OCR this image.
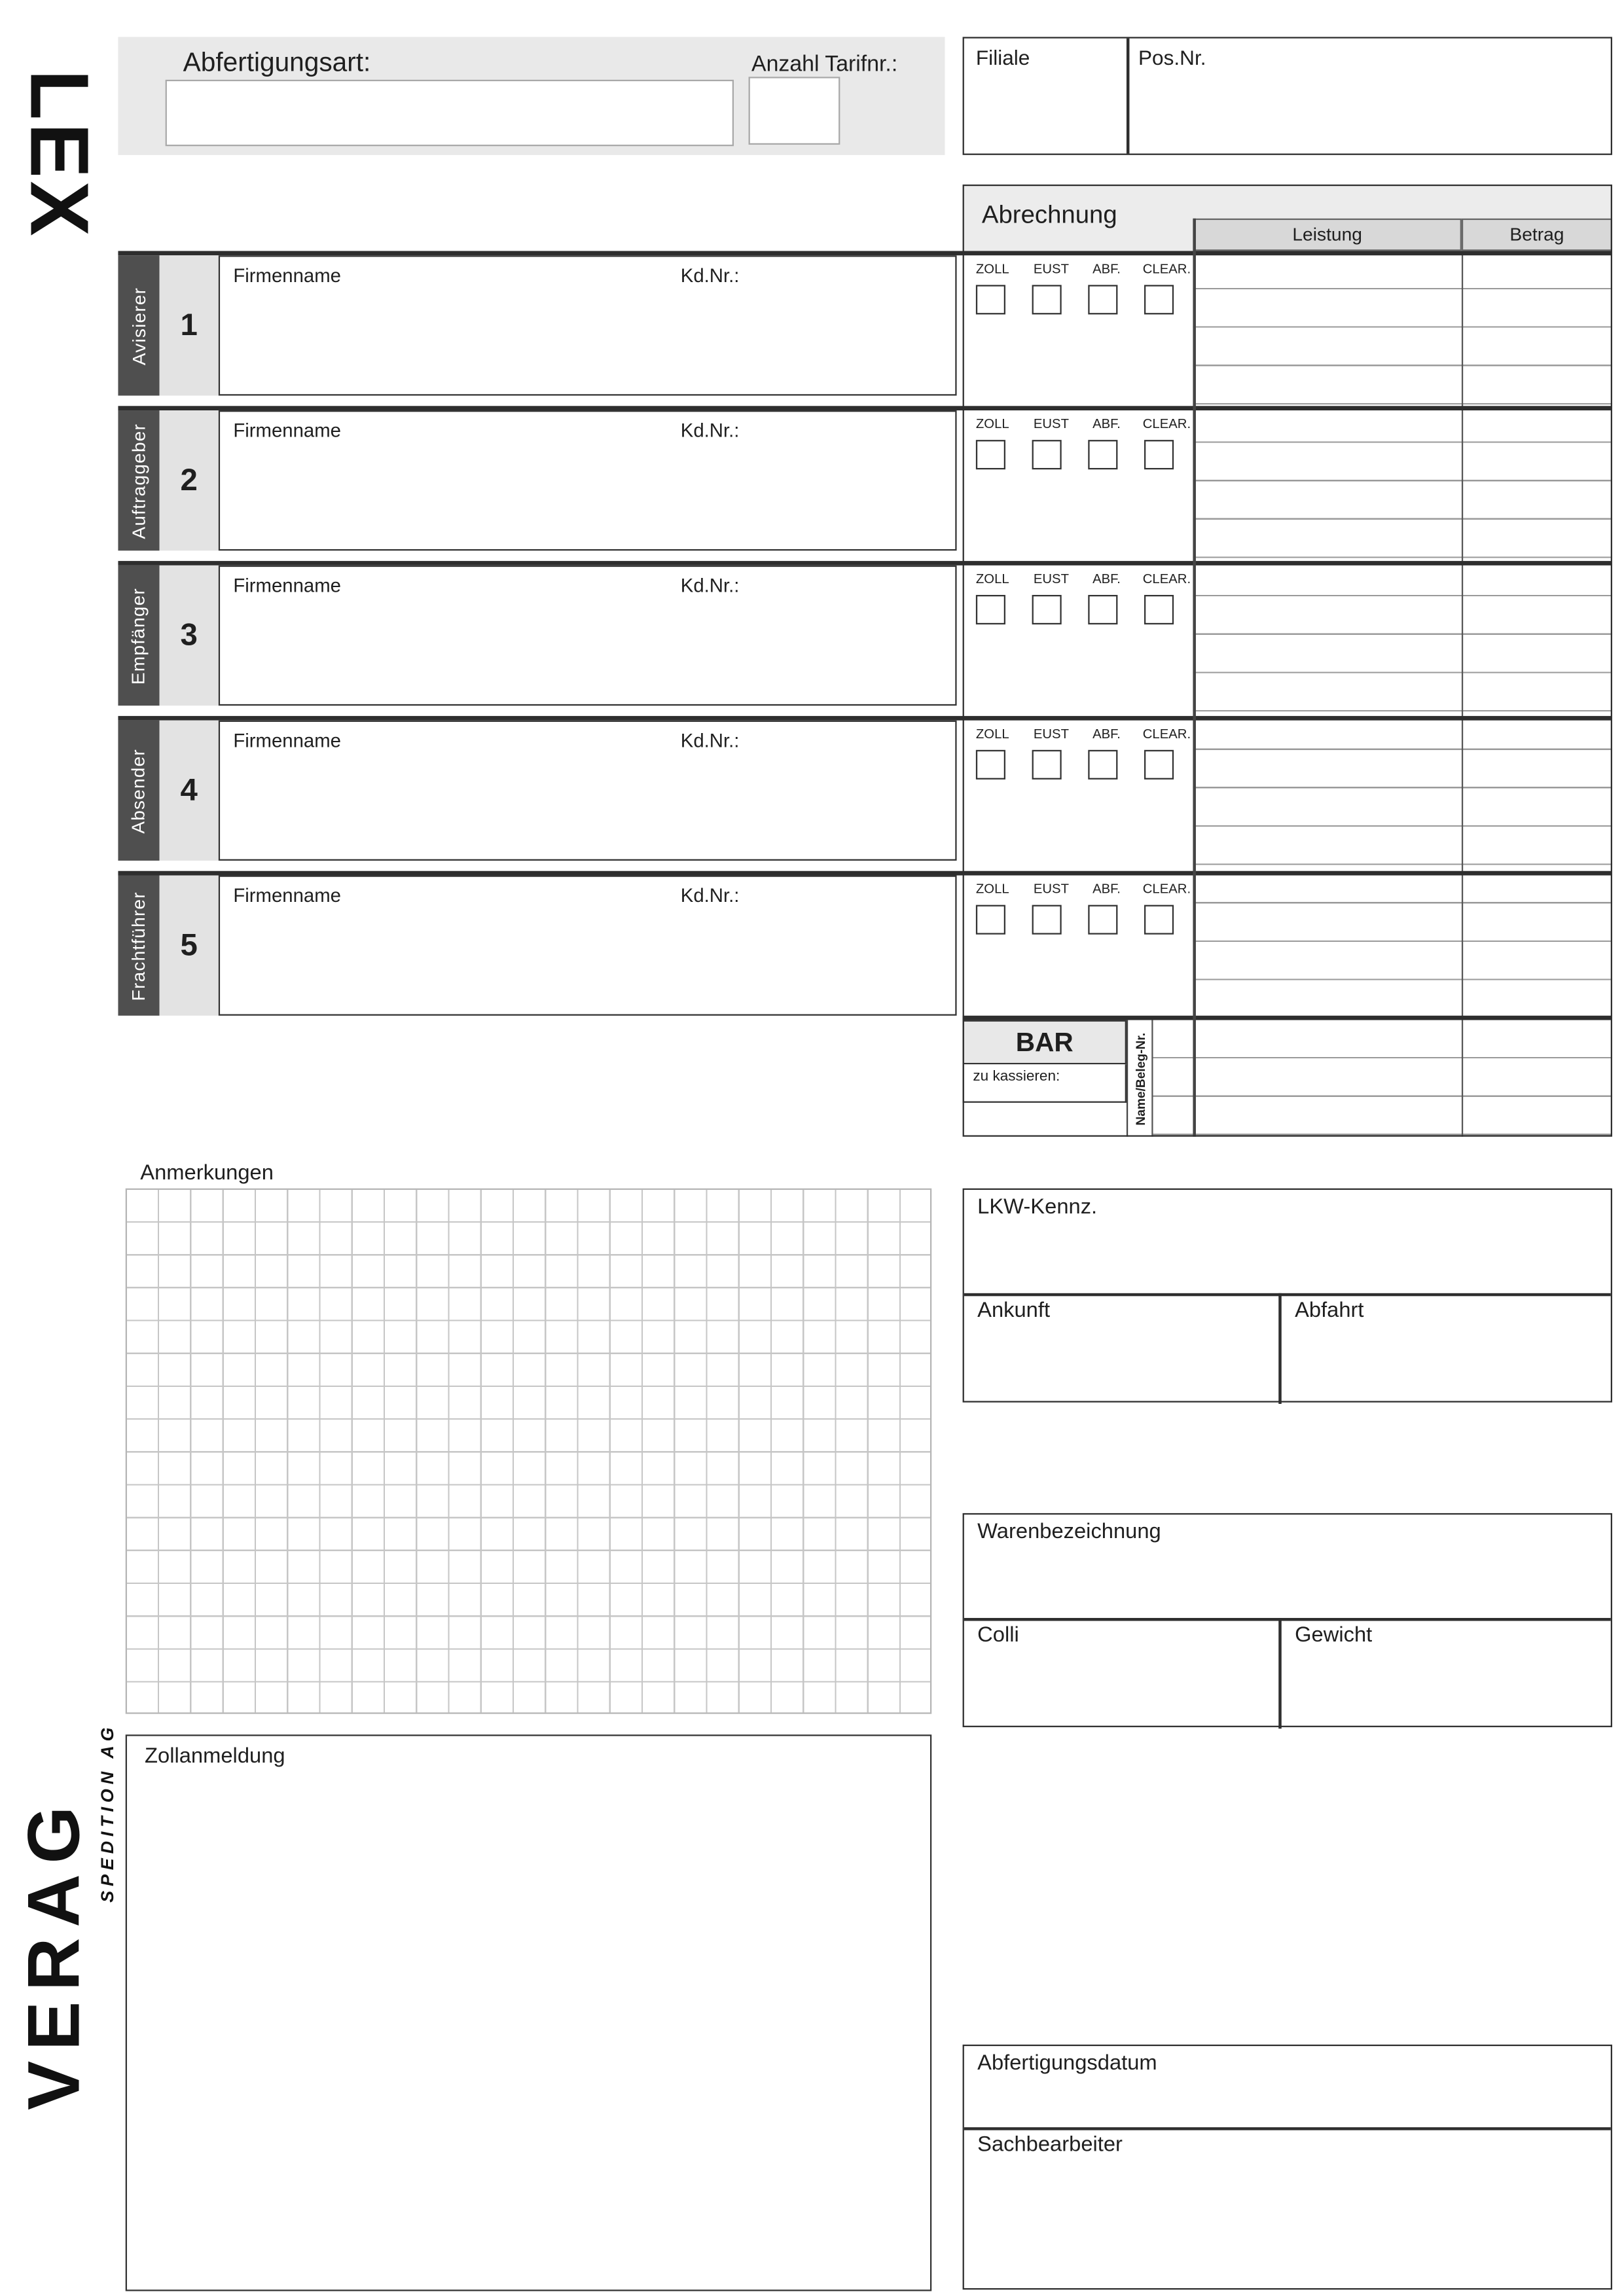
LEX
Abfertigungsart:	Anzahl Tarifnr.:	Filiale	Pos.Nr.
Abrechnung
Leistung	Betrag
Avisierer 1
Firmenname	Kd.Nr.:	ZOLL	EUST	ABF.	CLEAR.
Auftraggeber 2
Firmenname	Kd.Nr.:	ZOLL	EUST	ABF.	CLEAR.
Empfänger 3
Firmenname	Kd.Nr.:	ZOLL	EUST	ABF.	CLEAR.
Absender 4
Firmenname	Kd.Nr.:	ZOLL	EUST	ABF.	CLEAR.
Frachtführer 5
Firmenname	Kd.Nr.:	ZOLL	EUST	ABF.	CLEAR.
BAR
zu kassieren:	Name/Beleg-Nr.
Anmerkungen
LKW-Kennz.
Ankunft	Abfahrt
Warenbezeichnung
Colli	Gewicht
Zollanmeldung
Abfertigungsdatum
Sachbearbeiter
VERAG SPEDITION AG
